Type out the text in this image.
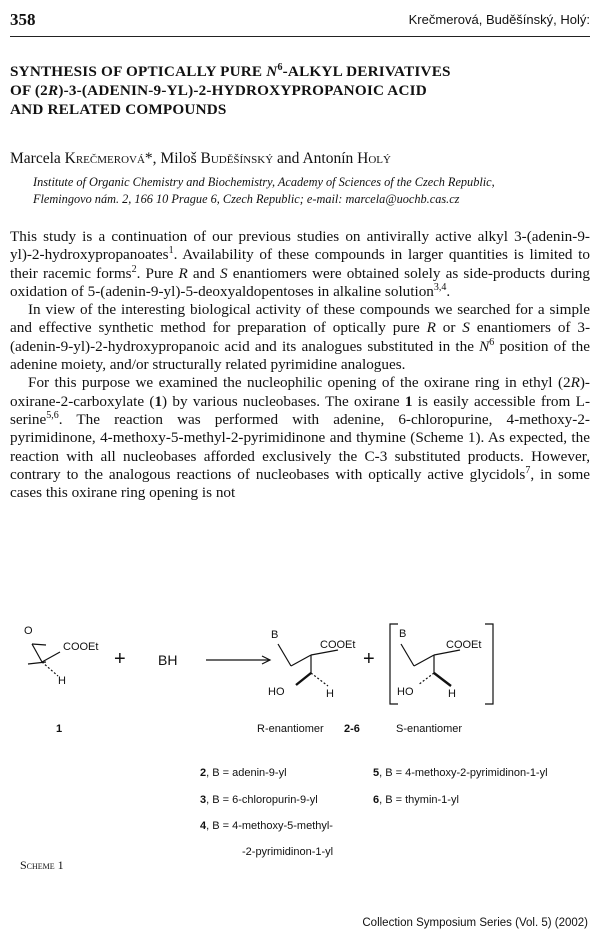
358	Krečmerová, Buděšínský, Holý:
SYNTHESIS OF OPTICALLY PURE $N^6$-ALKYL DERIVATIVES
OF (2R)-3-(ADENIN-9-YL)-2-HYDROXYPROPANOIC ACID
AND RELATED COMPOUNDS
Marcela Krečmerová*, Miloš Buděšínský and Antonín Holý
Institute of Organic Chemistry and Biochemistry, Academy of Sciences of the Czech Republic,
Flemingovo nám. 2, 166 10 Prague 6, Czech Republic; e-mail: marcela@uochb.cas.cz

This study is a continuation of our previous studies on antivirally active alkyl 3-(adenin-9-yl)-2-hydroxypropanoates$^1$. Availability of these compounds in larger quantities is limited to their racemic forms$^2$. Pure R and S enantiomers were obtained solely as side-products during oxidation of 5-(adenin-9-yl)-5-deoxyaldopentoses in alkaline solution$^{3,4}$.

In view of the interesting biological activity of these compounds we searched for a simple and effective synthetic method for preparation of optically pure R or S enantiomers of 3-(adenin-9-yl)-2-hydroxypropanoic acid and its analogues substituted in the $N^6$ position of the adenine moiety, and/or structurally related pyrimidine analogues.

For this purpose we examined the nucleophilic opening of the oxirane ring in ethyl (2R)-oxirane-2-carboxylate (1) by various nucleobases. The oxirane 1 is easily accessible from L-serine$^{5,6}$. The reaction was performed with adenine, 6-chloropurine, 4-methoxy-2-pyrimidinone, 4-methoxy-5-methyl-2-pyrimidinone and thymine (Scheme 1). As expected, the reaction with all nucleobases afforded exclusively the C-3 substituted products. However, contrary to the analogous reactions of nucleobases with optically active glycidols$^7$, in some cases this oxirane ring opening is not

O
COOEt
H
+ BH
B
COOEt
HO	H
+
B
COOEt
HO	H
1	R-enantiomer 2-6	S-enantiomer
2, B = adenin-9-yl
3, B = 6-chloropurin-9-yl
4, B = 4-methoxy-5-methyl-
-2-pyrimidinon-1-yl
5, B = 4-methoxy-2-pyrimidinon-1-yl
6, B = thymin-1-yl
Scheme 1
Collection Symposium Series (Vol. 5) (2002)
